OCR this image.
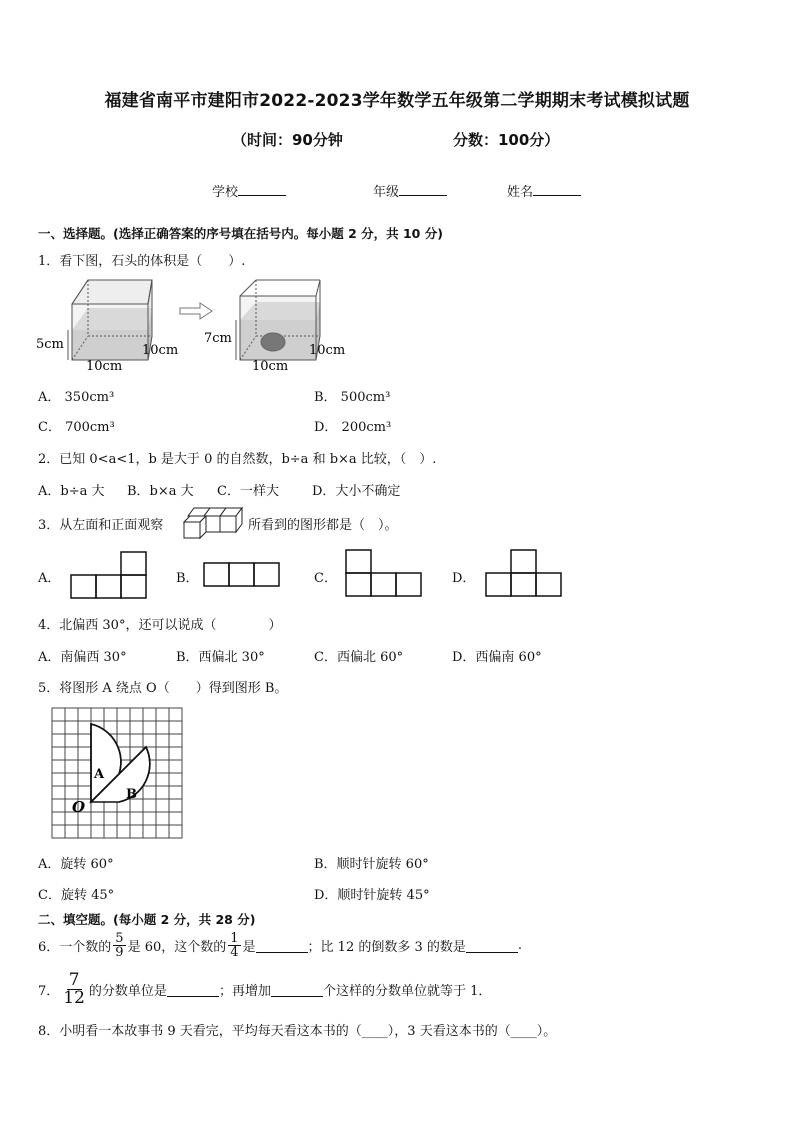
福建省南平市建阳市2022-2023学年数学五年级第二学期期末考试模拟试题
（时间：90分钟	分数：100分）
学校	年级	姓名
一、选择题。(选择正确答案的序号填在括号内。每小题 2 分，共 10 分)
1．看下图，石头的体积是（　　）.
5cm
10cm
10cm
7cm
10cm
10cm
A． 350cm³	B． 500cm³
C． 700cm³	D． 200cm³
2．已知 0<a<1，b 是大于 0 的自然数，b÷a 和 b×a 比较，（　）.
A．b÷a 大 B．b×a 大 C．一样大	D．大小不确定
3．从左面和正面观察	所看到的图形都是（　）。
A．	B．	C．	D．
4．北偏西 30°，还可以说成（　　　　）
A．南偏西 30°	B．西偏北 30°	C．西偏北 60°	D．西偏南 60°
5．将图形 A 绕点 O（　　）得到图形 B。
A
B
O
A．旋转 60°	B．顺时针旋转 60°
C．旋转 45°	D．顺时针旋转 45°
二、填空题。(每小题 2 分，共 28 分)
6．一个数的 $\frac{5}{9}$ 是 60，这个数的 $\frac{1}{4}$ 是	；比 12 的倒数多 3 的数是	.
7． $\frac{7}{12}$ 的分数单位是	；再增加	个这样的分数单位就等于 1．
8．小明看一本故事书 9 天看完，平均每天看这本书的（____），3 天看这本书的（____）。
